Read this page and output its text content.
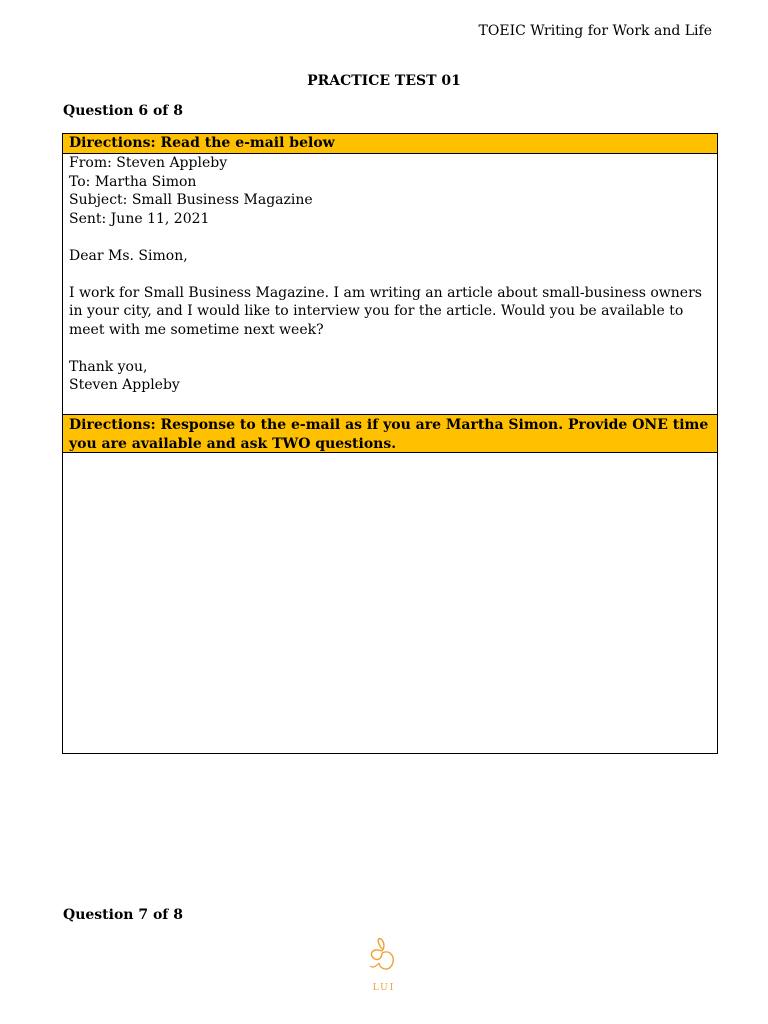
TOEIC Writing for Work and Life
PRACTICE TEST 01
Question 6 of 8
Directions: Read the e-mail below

From: Steven Appleby

To: Martha Simon

Subject: Small Business Magazine

Sent: June 11, 2021

Dear Ms. Simon,

I work for Small Business Magazine. I am writing an article about small-business owners in your city, and I would like to interview you for the article. Would you be available to meet with me sometime next week?

Thank you,

Steven Appleby

Directions: Response to the e-mail as if you are Martha Simon. Provide ONE time you are available and ask TWO questions.
Question 7 of 8
LUI
